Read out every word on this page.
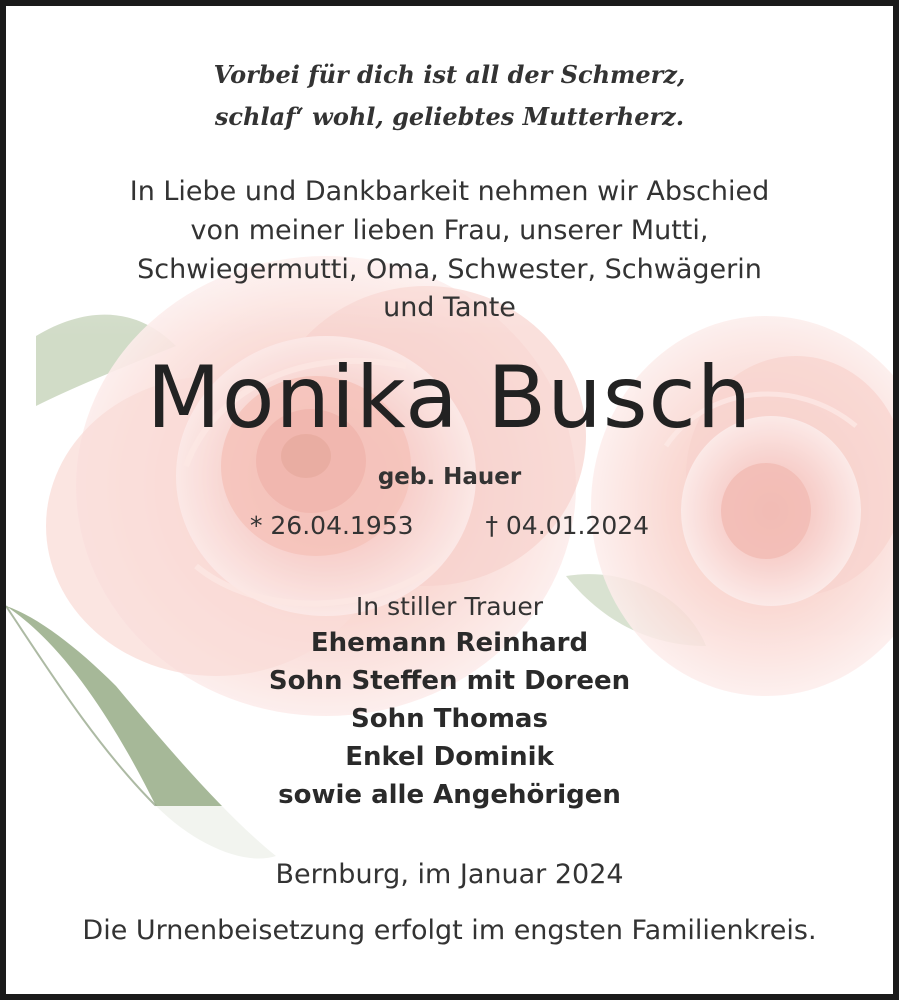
Vorbei für dich ist all der Schmerz,
schlaf‘ wohl, geliebtes Mutterherz.
In Liebe und Dankbarkeit nehmen wir Abschied
von meiner lieben Frau, unserer Mutti,
Schwiegermutti, Oma, Schwester, Schwägerin
und Tante
Monika Busch
geb. Hauer
* 26.04.1953	† 04.01.2024
In stiller Trauer
Ehemann Reinhard
Sohn Steffen mit Doreen
Sohn Thomas
Enkel Dominik
sowie alle Angehörigen
Bernburg, im Januar 2024
Die Urnenbeisetzung erfolgt im engsten Familienkreis.
